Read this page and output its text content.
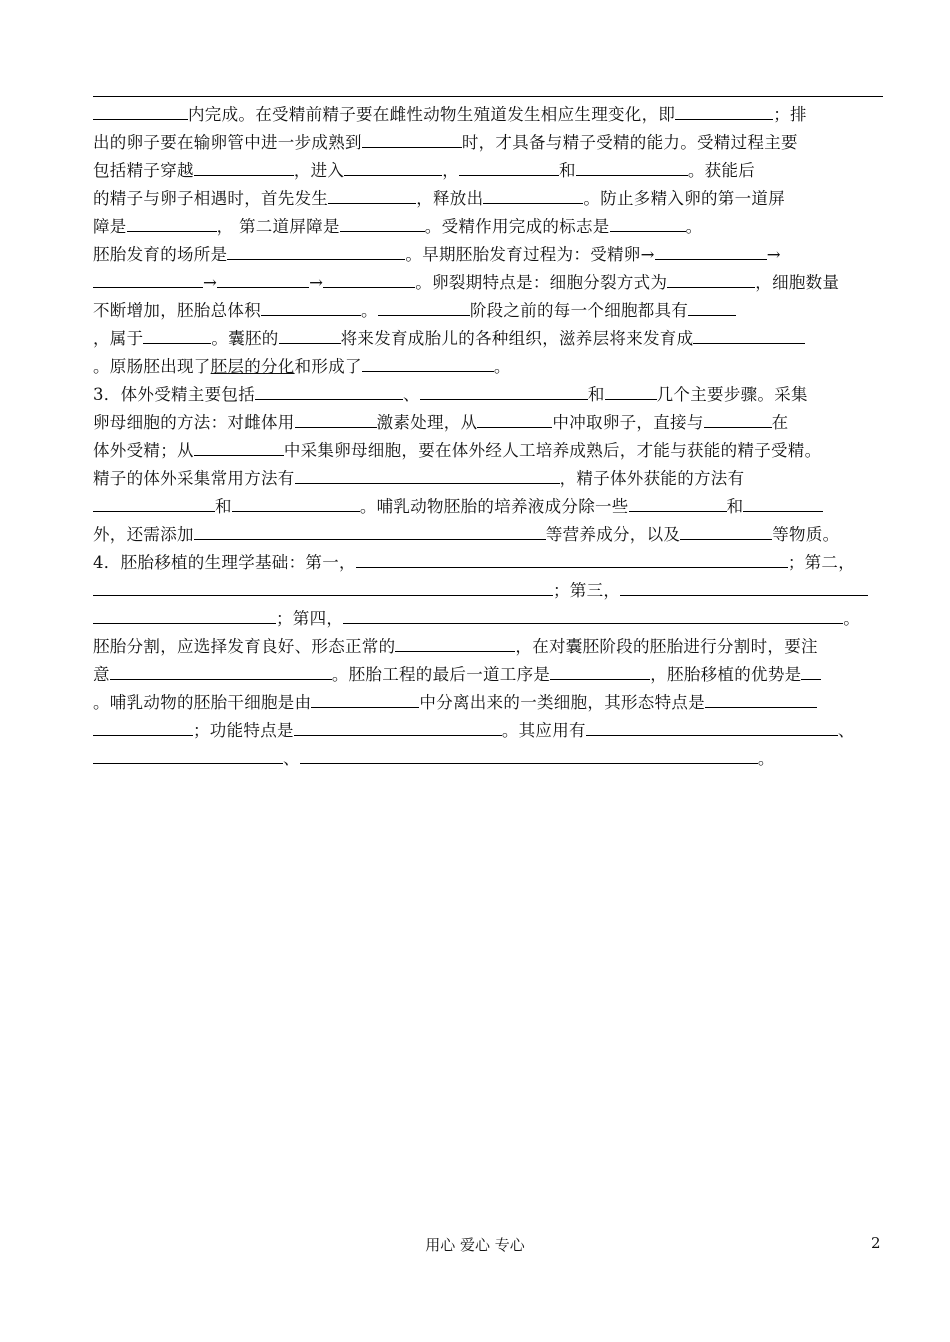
内完成。在受精前精子要在雌性动物生殖道发生相应生理变化，即	；排
出的卵子要在输卵管中进一步成熟到	时，才具备与精子受精的能力。受精过程主要
包括精子穿越	，进入	，	和	。获能后
的精子与卵子相遇时，首先发生	，释放出	。防止多精入卵的第一道屏
障是	， 第二道屏障是	。受精作用完成的标志是	。
胚胎发育的场所是	。早期胚胎发育过程为：受精卵→	→
→	→	。卵裂期特点是：细胞分裂方式为	，细胞数量
不断增加，胚胎总体积	。	阶段之前的每一个细胞都具有
，属于	。囊胚的	将来发育成胎儿的各种组织，滋养层将来发育成
。原肠胚出现了胚层的分化和形成了	。
3．体外受精主要包括	、	和	几个主要步骤。采集
卵母细胞的方法：对雌体用	激素处理，从	中冲取卵子，直接与	在
体外受精；从	中采集卵母细胞，要在体外经人工培养成熟后，才能与获能的精子受精。
精子的体外采集常用方法有	，精子体外获能的方法有
和	。哺乳动物胚胎的培养液成分除一些	和
外，还需添加	等营养成分，以及	等物质。
4．胚胎移植的生理学基础：第一，	；第二，
；第三，
；第四，	。
胚胎分割，应选择发育良好、形态正常的	，在对囊胚阶段的胚胎进行分割时，要注
意	。胚胎工程的最后一道工序是	，胚胎移植的优势是
。哺乳动物的胚胎干细胞是由	中分离出来的一类细胞，其形态特点是
；功能特点是	。其应用有	、
、	。
用心 爱心 专心	2
